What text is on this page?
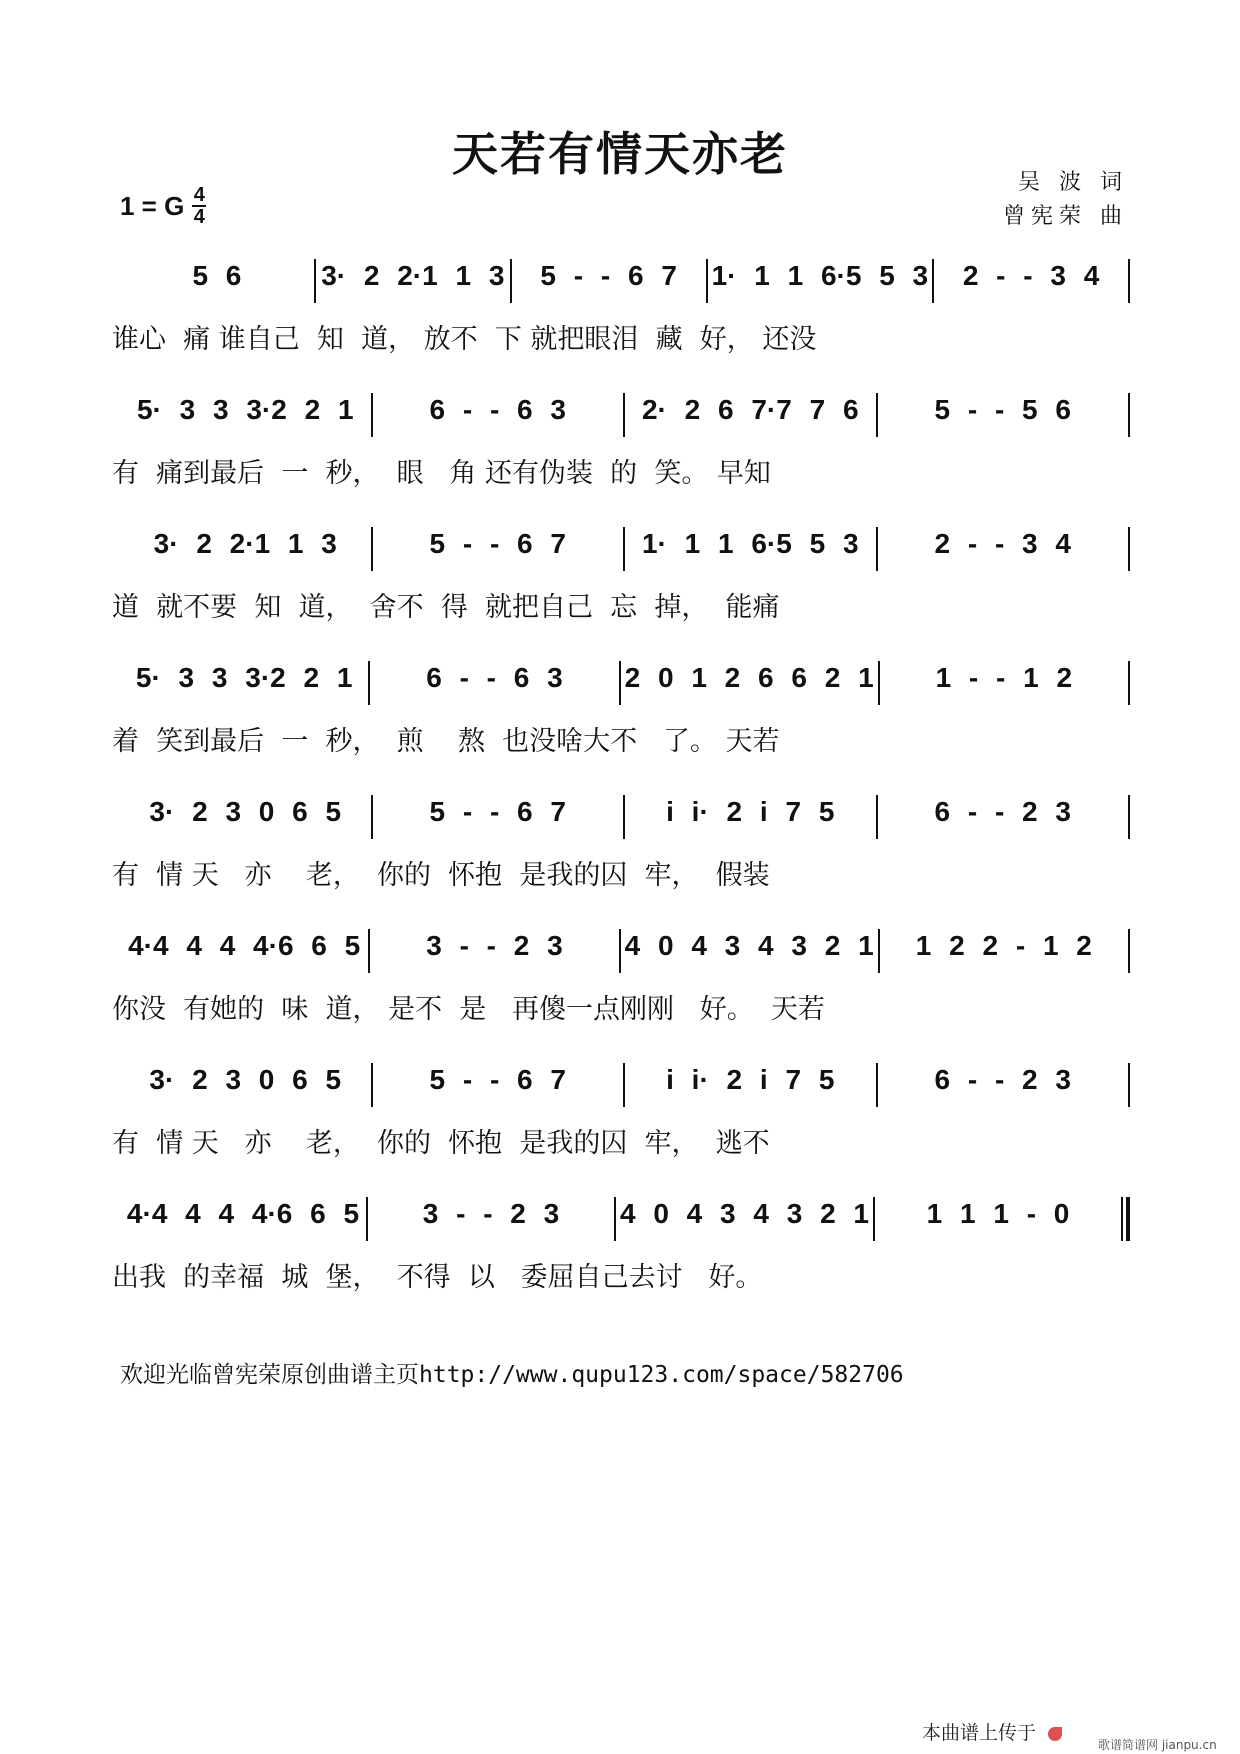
天若有情天亦老
1 = G 4
4
吴 波 词
曾宪荣 曲
5 6	3· 2 2·1 1 3 5 - - 6 7 1· 1 1 6·5 5 3 2 - - 3 4
谁心  痛 谁自己  知  道， 放不  下 就把眼泪  藏  好， 还没
5· 3 3 3·2 2 1	6 - - 6 3	2· 2 6 7·7 7 6	5 - - 5 6
有  痛到最后  一  秒，  眼   角 还有伪装  的  笑。 早知
3· 2 2·1 1 3	5 - - 6 7	1· 1 1 6·5 5 3	2 - - 3 4
道  就不要  知  道，  舍不  得  就把自己  忘  掉，  能痛
5· 3 3 3·2 2 1	6 - - 6 3 2 0 1 2 6 6 2 1 1 - - 1 2
着  笑到最后  一  秒，  煎    熬  也没啥大不   了。 天若
3· 2 3 0 6 5	5 - - 6 7	i i· 2 i 7 5	6 - - 2 3
有  情 天   亦    老，  你的  怀抱  是我的囚  牢，  假装
4·4 4 4 4·6 6 5 3 - - 2 3 4 0 4 3 4 3 2 1 1 2 2 - 1 2
你没  有她的  味  道， 是不  是   再傻一点刚刚   好。  天若
3· 2 3 0 6 5	5 - - 6 7	i i· 2 i 7 5	6 - - 2 3
有  情 天   亦    老，  你的  怀抱  是我的囚  牢，  逃不
4·4 4 4 4·6 6 5 3 - - 2 3 4 0 4 3 4 3 2 1 1 1 1 - 0
出我  的幸福  城  堡，  不得  以   委屈自己去讨   好。
欢迎光临曾宪荣原创曲谱主页http://www.qupu123.com/space/582706
本曲谱上传于
歌谱简谱网 jianpu.cn
